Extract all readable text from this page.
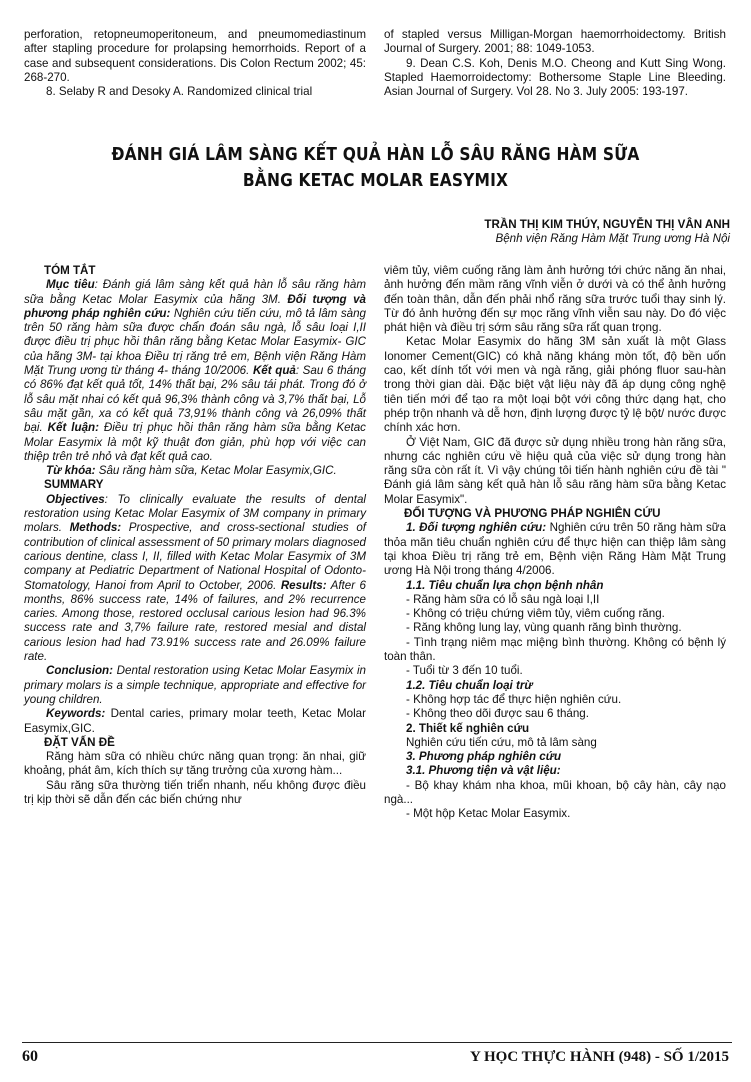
perforation, retopneumoperitoneum, and pneumomediastinum after stapling procedure for prolapsing hemorrhoids. Report of a case and subsequent considerations. Dis Colon Rectum 2002; 45: 268-270.

8. Selaby R and Desoky A. Randomized clinical trial

of stapled versus Milligan-Morgan haemorrhoidectomy. British Journal of Surgery. 2001; 88: 1049-1053.

9. Dean C.S. Koh, Denis M.O. Cheong and Kutt Sing Wong. Stapled Haemorroidectomy: Bothersome Staple Line Bleeding. Asian Journal of Surgery. Vol 28. No 3. July 2005: 193-197.

ĐÁNH GIÁ LÂM SÀNG KẾT QUẢ HÀN LỖ SÂU RĂNG HÀM SỮA
BẰNG KETAC MOLAR EASYMIX
TRẦN THỊ KIM THÚY, NGUYỄN THỊ VÂN ANH
Bệnh viện Răng Hàm Mặt Trung ương Hà Nội
TÓM TẮT

Mục tiêu: Đánh giá lâm sàng kết quả hàn lỗ sâu răng hàm sữa bằng Ketac Molar Easymix của hãng 3M. Đối tượng và phương pháp nghiên cứu: Nghiên cứu tiến cứu, mô tả lâm sàng trên 50 răng hàm sữa được chẩn đoán sâu ngà, lỗ sâu loại I,II được điều trị phục hồi thân răng bằng Ketac Molar Easymix- GIC của hãng 3M- tại khoa Điều trị răng trẻ em, Bệnh viện Răng Hàm Mặt Trung ương từ tháng 4- tháng 10/2006. Kết quả: Sau 6 tháng có 86% đạt kết quả tốt, 14% thất bại, 2% sâu tái phát. Trong đó ở lỗ sâu mặt nhai có kết quả 96,3% thành công và 3,7% thất bại, Lỗ sâu mặt gần, xa có kết quả 73,91% thành công và 26,09% thất bại. Kết luận: Điều trị phục hồi thân răng hàm sữa bằng Ketac Molar Easymix là một kỹ thuật đơn giản, phù hợp với việc can thiệp trên trẻ nhỏ và đạt kết quả cao.

Từ khóa: Sâu răng hàm sữa, Ketac Molar Easymix,GIC.

SUMMARY

Objectives: To clinically evaluate the results of dental restoration using Ketac Molar Easymix of 3M company in primary molars. Methods: Prospective, and cross-sectional studies of contribution of clinical assessment of 50 primary molars diagnosed carious dentine, class I, II, filled with Ketac Molar Easymix of 3M company at Pediatric Department of National Hospital of Odonto-Stomatology, Hanoi from April to October, 2006. Results: After 6 months, 86% success rate, 14% of failures, and 2% recurrence caries. Among those, restored occlusal carious lesion had 96.3% success rate and 3,7% failure rate, restored mesial and distal carious lesion had had 73.91% success rate and 26.09% failure rate.

Conclusion: Dental restoration using Ketac Molar Easymix in primary molars is a simple technique, appropriate and effective for young children.

Keywords: Dental caries, primary molar teeth, Ketac Molar Easymix,GIC.

ĐẶT VẤN ĐỀ

Răng hàm sữa có nhiều chức năng quan trọng: ăn nhai, giữ khoảng, phát âm, kích thích sự tăng trưởng của xương hàm...

Sâu răng sữa thường tiến triển nhanh, nếu không được điều trị kịp thời sẽ dẫn đến các biến chứng như

viêm tủy, viêm cuống răng làm ảnh hưởng tới chức năng ăn nhai, ảnh hưởng đến mầm răng vĩnh viễn ở dưới và có thể ảnh hưởng đến toàn thân, dẫn đến phải nhổ răng sữa trước tuổi thay sinh lý. Từ đó ảnh hưởng đến sự mọc răng vĩnh viễn sau này. Do đó việc phát hiện và điều trị sớm sâu răng sữa rất quan trọng.

Ketac Molar Easymix do hãng 3M sản xuất là một Glass Ionomer Cement(GIC) có khả năng kháng mòn tốt, độ bền uốn cao, kết dính tốt với men và ngà răng, giải phóng fluor sau-hàn trong thời gian dài. Đặc biệt vật liệu này đã áp dụng công nghệ tiên tiến mới để tạo ra một loại bột với công thức dạng hạt, cho phép trộn nhanh và dễ hơn, định lượng được tỷ lệ bột/ nước được chính xác hơn.

Ở Việt Nam, GIC đã được sử dụng nhiều trong hàn răng sữa, nhưng các nghiên cứu về hiệu quả của việc sử dụng trong hàn răng sữa còn rất ít. Vì vậy chúng tôi tiến hành nghiên cứu đề tài " Đánh giá lâm sàng kết quả hàn lỗ sâu răng hàm sữa bằng Ketac Molar Easymix".

ĐỐI TƯỢNG VÀ PHƯƠNG PHÁP NGHIÊN CỨU

1. Đối tượng nghiên cứu: Nghiên cứu trên 50 răng hàm sữa thỏa mãn tiêu chuẩn nghiên cứu để thực hiện can thiệp lâm sàng tại khoa Điều trị răng trẻ em, Bệnh viện Răng Hàm Mặt Trung ương Hà Nội trong tháng 4/2006.

1.1. Tiêu chuẩn lựa chọn bệnh nhân

- Răng hàm sữa có lỗ sâu ngà loại I,II

- Không có triệu chứng viêm tủy, viêm cuống răng.

- Răng không lung lay, vùng quanh răng bình thường.

- Tình trạng niêm mạc miệng bình thường. Không có bệnh lý toàn thân.

- Tuổi từ 3 đến 10 tuổi.

1.2. Tiêu chuẩn loại trừ

- Không hợp tác để thực hiện nghiên cứu.

- Không theo dõi được sau 6 tháng.

2. Thiết kế nghiên cứu

Nghiên cứu tiến cứu, mô tả lâm sàng

3. Phương pháp nghiên cứu
3.1. Phương tiện và vật liệu:

- Bộ khay khám nha khoa, mũi khoan, bộ cây hàn, cây nạo ngà...

- Một hộp Ketac Molar Easymix.

60	Y HỌC THỰC HÀNH (948) - SỐ 1/2015
